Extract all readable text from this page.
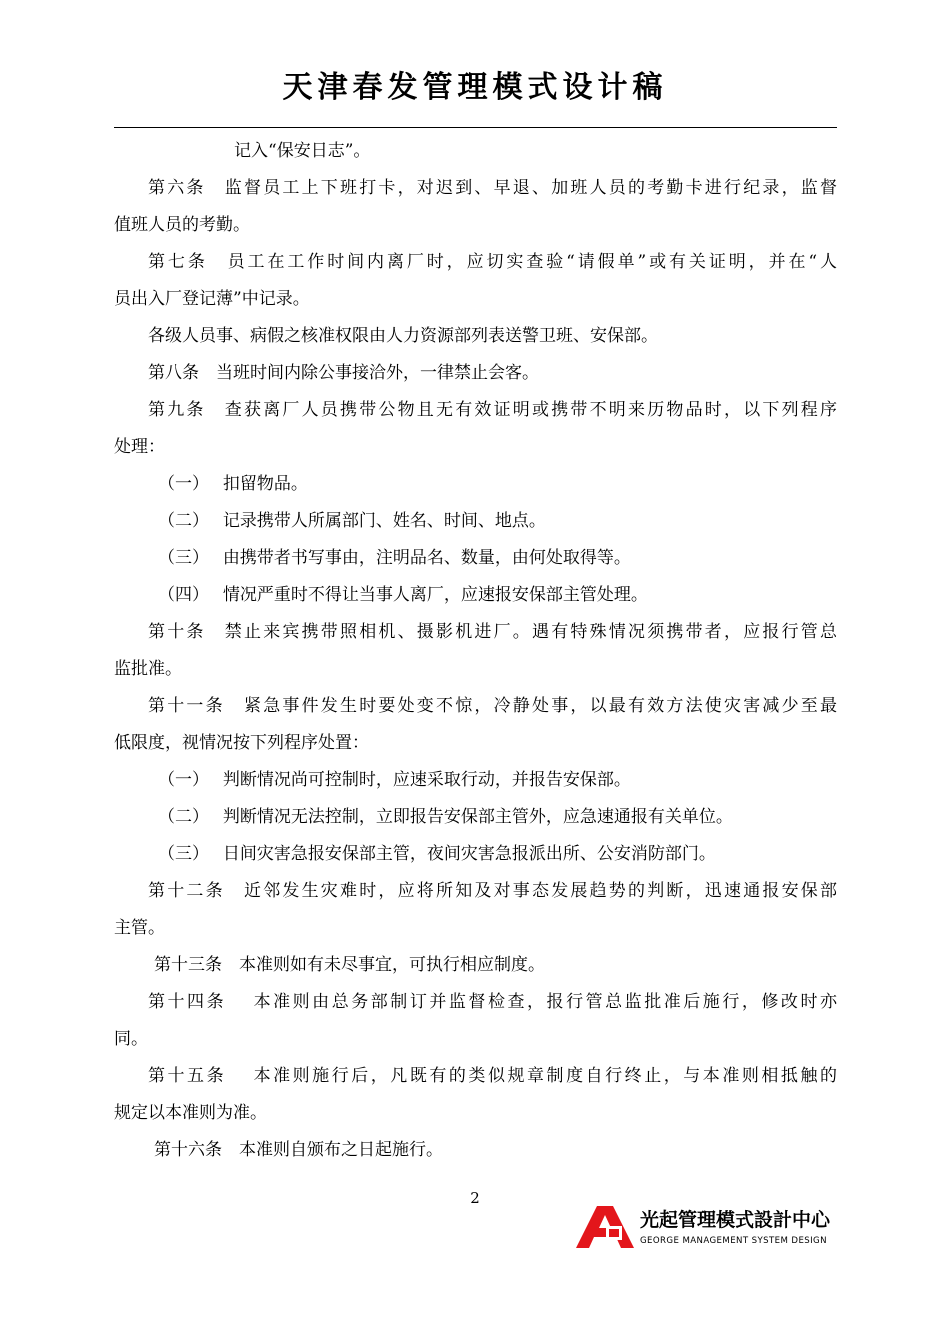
天津春发管理模式设计稿
记入“保安日志”。
第六条　监督员工上下班打卡，对迟到、早退、加班人员的考勤卡进行纪录，监督
值班人员的考勤。
第七条　员工在工作时间内离厂时，应切实查验“请假单”或有关证明，并在“人
员出入厂登记薄”中记录。
各级人员事、病假之核准权限由人力资源部列表送警卫班、安保部。
第八条　当班时间内除公事接洽外，一律禁止会客。
第九条　查获离厂人员携带公物且无有效证明或携带不明来历物品时，以下列程序
处理：
（一）　 扣留物品。
（二）　 记录携带人所属部门、姓名、时间、地点。
（三）　 由携带者书写事由，注明品名、数量，由何处取得等。
（四）　 情况严重时不得让当事人离厂，应速报安保部主管处理。
第十条　禁止来宾携带照相机、摄影机进厂。遇有特殊情况须携带者，应报行管总
监批准。
第十一条　紧急事件发生时要处变不惊，冷静处事，以最有效方法使灾害减少至最
低限度，视情况按下列程序处置：
（一）　 判断情况尚可控制时，应速采取行动，并报告安保部。
（二）　 判断情况无法控制，立即报告安保部主管外，应急速通报有关单位。
（三）　 日间灾害急报安保部主管，夜间灾害急报派出所、公安消防部门。
第十二条　近邻发生灾难时，应将所知及对事态发展趋势的判断，迅速通报安保部
主管。
第十三条　本准则如有未尽事宜，可执行相应制度。
第十四条　 本准则由总务部制订并监督检查，报行管总监批准后施行，修改时亦
同。
第十五条　 本准则施行后，凡既有的类似规章制度自行终止，与本准则相抵触的
规定以本准则为准。
第十六条　本准则自颁布之日起施行。
2
光起管理模式設計中心
GEORGE MANAGEMENT SYSTEM DESIGN
